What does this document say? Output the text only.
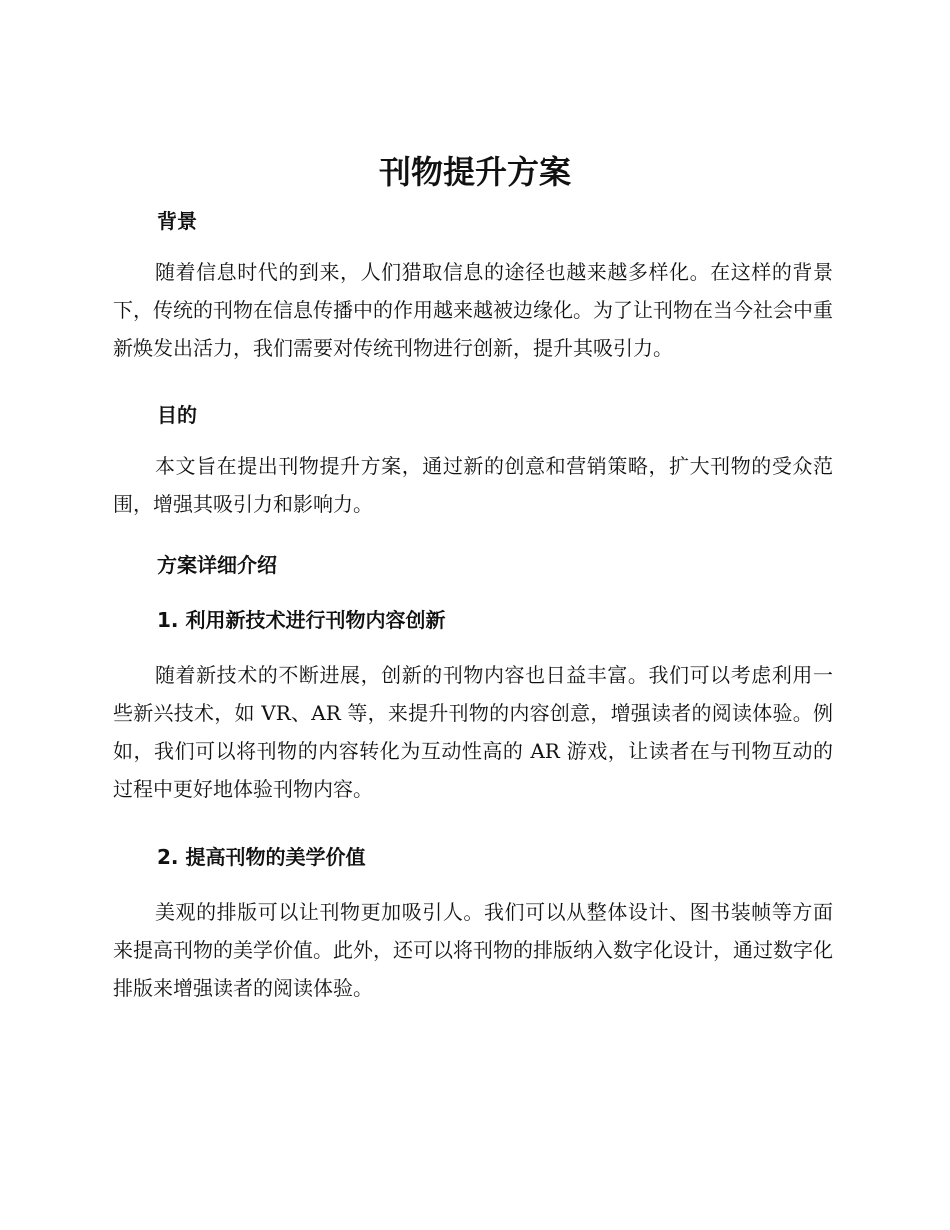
刊物提升方案
背景

随着信息时代的到来，人们猎取信息的途径也越来越多样化。在这样的背景下，传统的刊物在信息传播中的作用越来越被边缘化。为了让刊物在当今社会中重新焕发出活力，我们需要对传统刊物进行创新，提升其吸引力。

目的

本文旨在提出刊物提升方案，通过新的创意和营销策略，扩大刊物的受众范围，增强其吸引力和影响力。

方案详细介绍
1. 利用新技术进行刊物内容创新

随着新技术的不断进展，创新的刊物内容也日益丰富。我们可以考虑利用一些新兴技术，如 VR、AR 等，来提升刊物的内容创意，增强读者的阅读体验。例如，我们可以将刊物的内容转化为互动性高的 AR 游戏，让读者在与刊物互动的过程中更好地体验刊物内容。

2. 提高刊物的美学价值

美观的排版可以让刊物更加吸引人。我们可以从整体设计、图书装帧等方面来提高刊物的美学价值。此外，还可以将刊物的排版纳入数字化设计，通过数字化排版来增强读者的阅读体验。
